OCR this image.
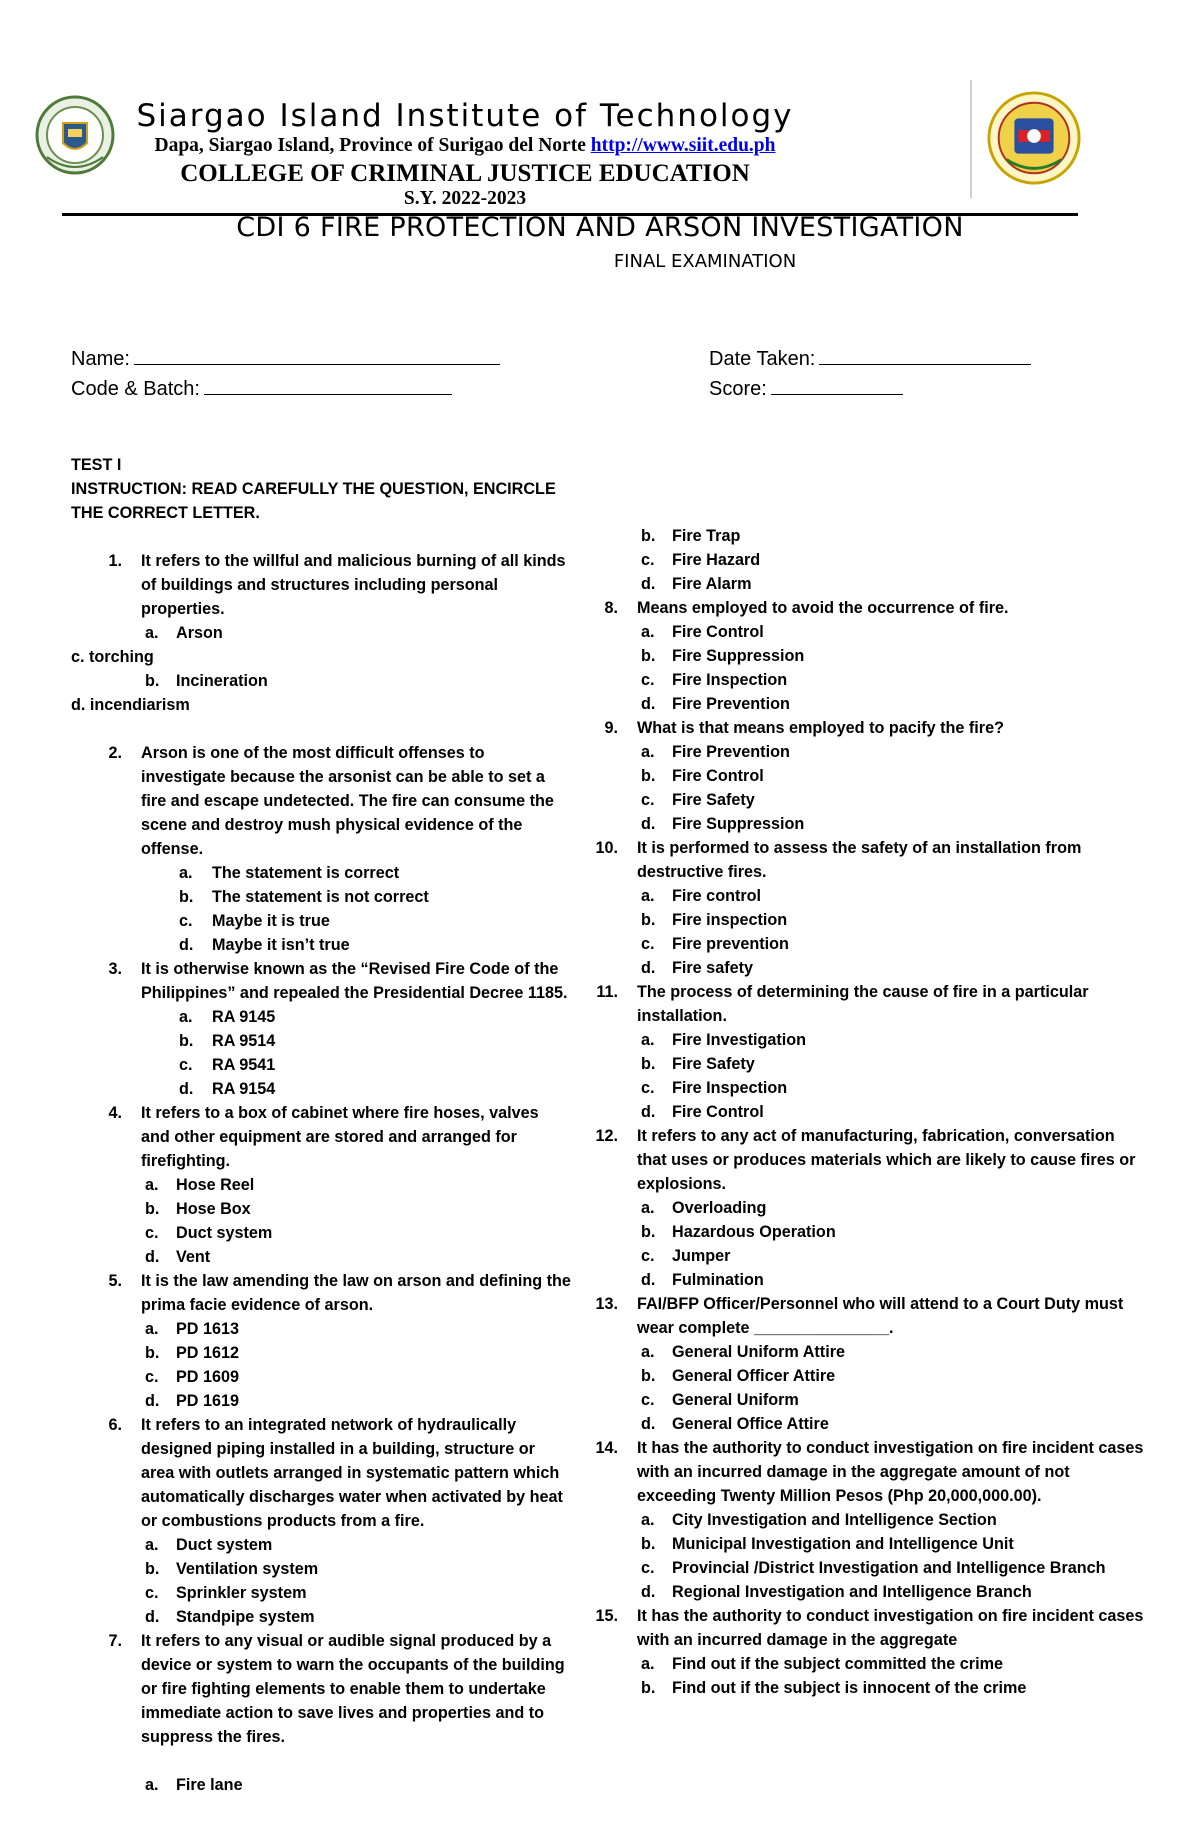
Siargao Island Institute of Technology
Dapa, Siargao Island, Province of Surigao del Norte http://www.siit.edu.ph
COLLEGE OF CRIMINAL JUSTICE EDUCATION
S.Y. 2022-2023
CDI 6 FIRE PROTECTION AND ARSON INVESTIGATION
FINAL EXAMINATION
Name:
Code & Batch:
Date Taken:
Score:
TEST I
INSTRUCTION: READ CAREFULLY THE QUESTION, ENCIRCLE THE CORRECT LETTER.
1. It refers to the willful and malicious burning of all kinds of buildings and structures including personal properties.
a. Arsonc. torching
b. Incinerationd. incendiarism
2. Arson is one of the most difficult offenses to investigate because the arsonist can be able to set a fire and escape undetected. The fire can consume the scene and destroy mush physical evidence of the offense.
a. The statement is correct
b. The statement is not correct
c. Maybe it is true
d. Maybe it isn’t true
3. It is otherwise known as the “Revised Fire Code of the Philippines” and repealed the Presidential Decree 1185.
a. RA 9145
b. RA 9514
c. RA 9541
d. RA 9154
4. It refers to a box of cabinet where fire hoses, valves and other equipment are stored and arranged for firefighting.
a. Hose Reel
b. Hose Box
c. Duct system
d. Vent
5. It is the law amending the law on arson and defining the prima facie evidence of arson.
a. PD 1613
b. PD 1612
c. PD 1609
d. PD 1619
6. It refers to an integrated network of hydraulically designed piping installed in a building, structure or area with outlets arranged in systematic pattern which automatically discharges water when activated by heat or combustions products from a fire.
a. Duct system
b. Ventilation system
c. Sprinkler system
d. Standpipe system
7. It refers to any visual or audible signal produced by a device or system to warn the occupants of the building or fire fighting elements to enable them to undertake immediate action to save lives and properties and to suppress the fires.
a. Fire lane
b. Fire Trap
c. Fire Hazard
d. Fire Alarm
8. Means employed to avoid the occurrence of fire.
a. Fire Control
b. Fire Suppression
c. Fire Inspection
d. Fire Prevention
9. What is that means employed to pacify the fire?
a. Fire Prevention
b. Fire Control
c. Fire Safety
d. Fire Suppression
10. It is performed to assess the safety of an installation from destructive fires.
a. Fire control
b. Fire inspection
c. Fire prevention
d. Fire safety
11. The process of determining the cause of fire in a particular installation.
a. Fire Investigation
b. Fire Safety
c. Fire Inspection
d. Fire Control
12. It refers to any act of manufacturing, fabrication, conversation that uses or produces materials which are likely to cause fires or explosions.
a. Overloading
b. Hazardous Operation
c. Jumper
d. Fulmination
13. FAI/BFP Officer/Personnel who will attend to a Court Duty must wear complete _______________.
a. General Uniform Attire
b. General Officer Attire
c. General Uniform
d. General Office Attire
14. It has the authority to conduct investigation on fire incident cases with an incurred damage in the aggregate amount of not exceeding Twenty Million Pesos (Php 20,000,000.00).
a. City Investigation and Intelligence Section
b. Municipal Investigation and Intelligence Unit
c. Provincial /District Investigation and Intelligence Branch
d. Regional Investigation and Intelligence Branch
15. It has the authority to conduct investigation on fire incident cases with an incurred damage in the aggregate
a. Find out if the subject committed the crime
b. Find out if the subject is innocent of the crime
